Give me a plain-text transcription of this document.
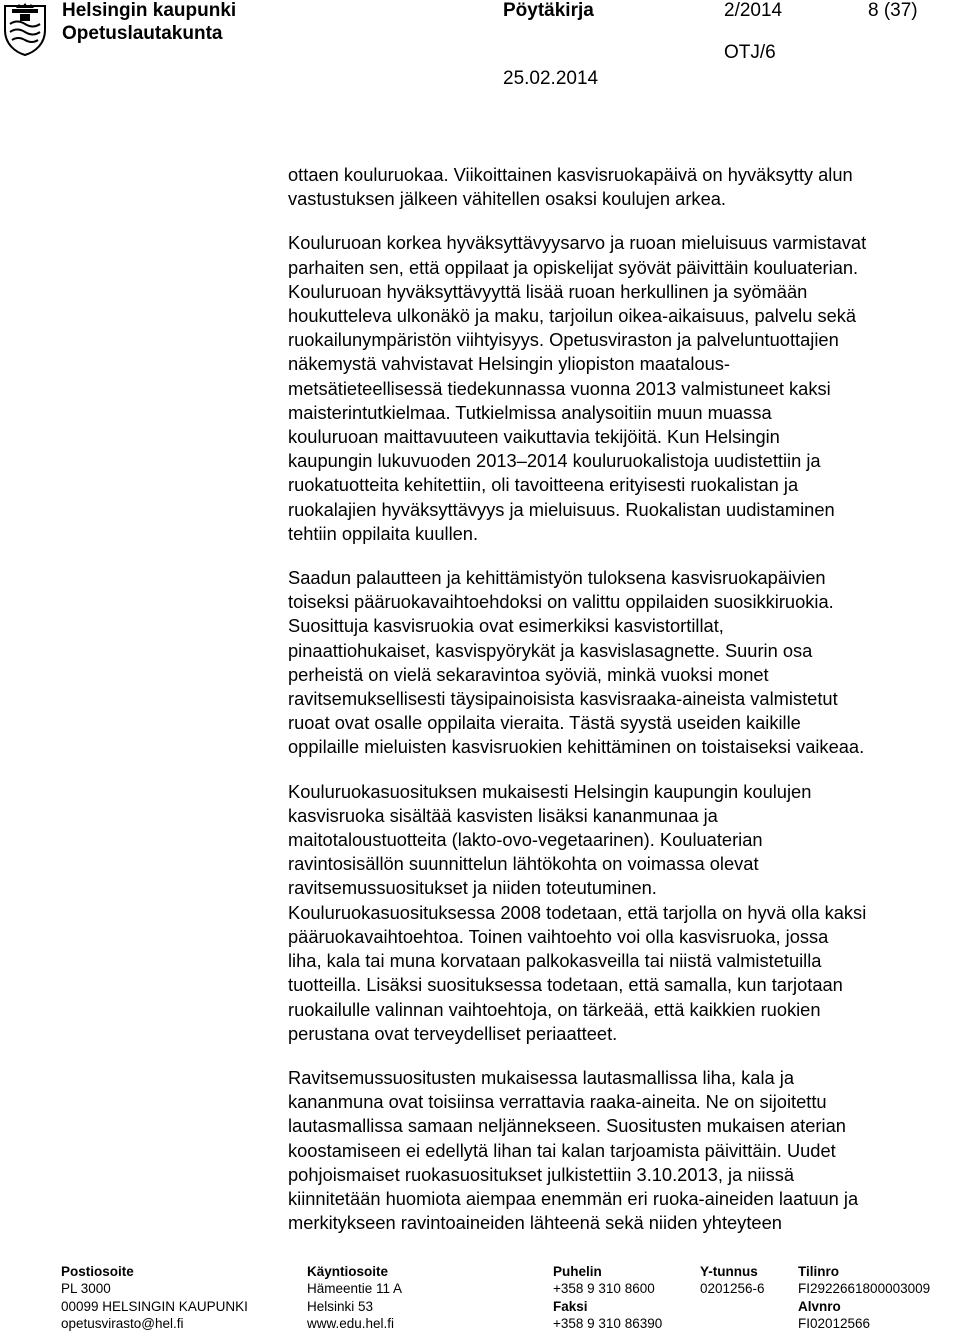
Helsingin kaupunki
Opetuslautakunta
Pöytäkirja	2/2014	8 (37)
25.02.2014
OTJ/6

ottaen kouluruokaa. Viikoittainen kasvisruokapäivä on hyväksytty alun
vastustuksen jälkeen vähitellen osaksi koulujen arkea.

Kouluruoan korkea hyväksyttävyysarvo ja ruoan mieluisuus varmistavat
parhaiten sen, että oppilaat ja opiskelijat syövät päivittäin kouluaterian.
Kouluruoan hyväksyttävyyttä lisää ruoan herkullinen ja syömään
houkutteleva ulkonäkö ja maku, tarjoilun oikea-aikaisuus, palvelu sekä
ruokailunympäristön viihtyisyys. Opetusviraston ja palveluntuottajien
näkemystä vahvistavat Helsingin yliopiston maatalous-
metsätieteellisessä tiedekunnassa vuonna 2013 valmistuneet kaksi
maisterintutkielmaa. Tutkielmissa analysoitiin muun muassa
kouluruoan maittavuuteen vaikuttavia tekijöitä. Kun Helsingin
kaupungin lukuvuoden 2013–2014 kouluruokalistoja uudistettiin ja
ruokatuotteita kehitettiin, oli tavoitteena erityisesti ruokalistan ja
ruokalajien hyväksyttävyys ja mieluisuus. Ruokalistan uudistaminen
tehtiin oppilaita kuullen.

Saadun palautteen ja kehittämistyön tuloksena kasvisruokapäivien
toiseksi pääruokavaihtoehdoksi on valittu oppilaiden suosikkiruokia.
Suosittuja kasvisruokia ovat esimerkiksi kasvistortillat,
pinaattiohukaiset, kasvispyörykät ja kasvislasagnette. Suurin osa
perheistä on vielä sekaravintoa syöviä, minkä vuoksi monet
ravitsemuksellisesti täysipainoisista kasvisraaka-aineista valmistetut
ruoat ovat osalle oppilaita vieraita. Tästä syystä useiden kaikille
oppilaille mieluisten kasvisruokien kehittäminen on toistaiseksi vaikeaa.

Kouluruokasuosituksen mukaisesti Helsingin kaupungin koulujen
kasvisruoka sisältää kasvisten lisäksi kananmunaa ja
maitotaloustuotteita (lakto-ovo-vegetaarinen). Kouluaterian
ravintosisällön suunnittelun lähtökohta on voimassa olevat
ravitsemussuositukset ja niiden toteutuminen.
Kouluruokasuosituksessa 2008 todetaan, että tarjolla on hyvä olla kaksi
pääruokavaihtoehtoa. Toinen vaihtoehto voi olla kasvisruoka, jossa
liha, kala tai muna korvataan palkokasveilla tai niistä valmistetuilla
tuotteilla. Lisäksi suosituksessa todetaan, että samalla, kun tarjotaan
ruokailulle valinnan vaihtoehtoja, on tärkeää, että kaikkien ruokien
perustana ovat terveydelliset periaatteet.

Ravitsemussuositusten mukaisessa lautasmallissa liha, kala ja
kananmuna ovat toisiinsa verrattavia raaka-aineita. Ne on sijoitettu
lautasmallissa samaan neljännekseen. Suositusten mukaisen aterian
koostamiseen ei edellytä lihan tai kalan tarjoamista päivittäin. Uudet
pohjoismaiset ruokasuositukset julkistettiin 3.10.2013, ja niissä
kiinnitetään huomiota aiempaa enemmän eri ruoka-aineiden laatuun ja
merkitykseen ravintoaineiden lähteenä sekä niiden yhteyteen

Postiosoite
PL 3000
00099 HELSINGIN KAUPUNKI
opetusvirasto@hel.fi
Käyntiosoite
Hämeentie 11 A
Helsinki 53
www.edu.hel.fi
Puhelin
+358 9 310 8600
Faksi
+358 9 310 86390
Y-tunnus
0201256-6
Tilinro
FI2922661800003009
Alvnro
FI02012566
